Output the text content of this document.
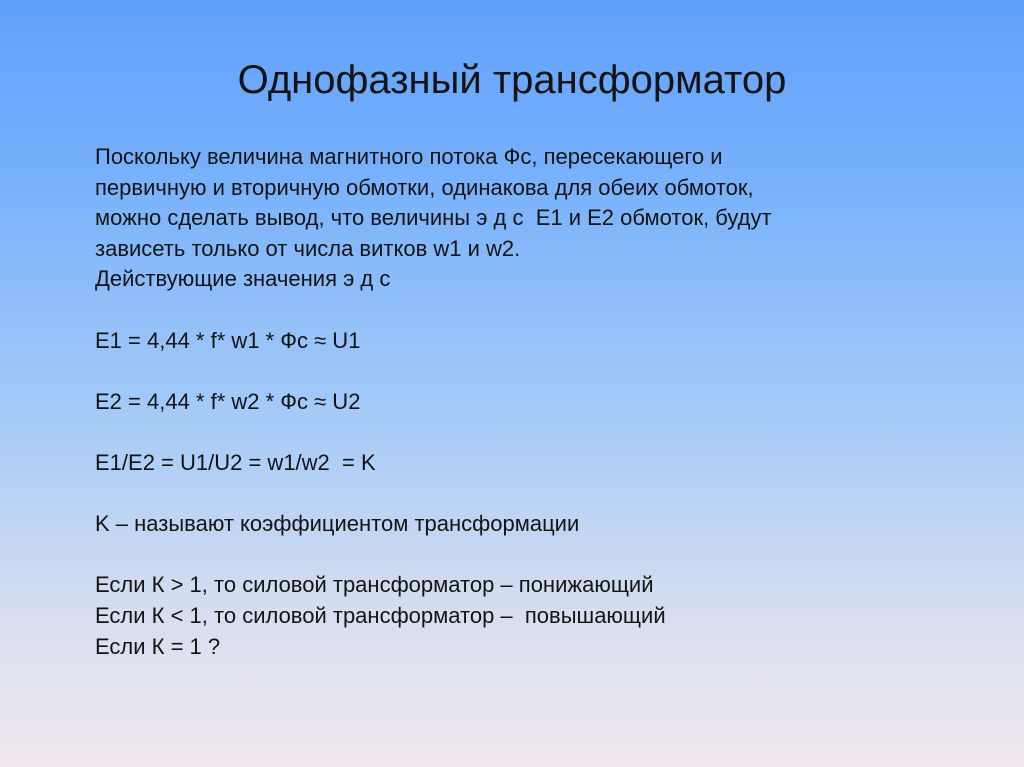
Однофазный трансформатор
Поскольку величина магнитного потока Фс, пересекающего и
первичную и вторичную обмотки, одинакова для обеих обмоток,
можно сделать вывод, что величины э д с  Е1 и Е2 обмоток, будут
зависеть только от числа витков w1 и w2.
Действующие значения э д с
E1 = 4,44 * f* w1 * Фс ≈ U1
E2 = 4,44 * f* w2 * Фс ≈ U2
E1/E2 = U1/U2 = w1/w2  = K
K – называют коэффициентом трансформации
Если К > 1, то силовой трансформатор – понижающий
Если К < 1, то силовой трансформатор –  повышающий
Если К = 1 ?
